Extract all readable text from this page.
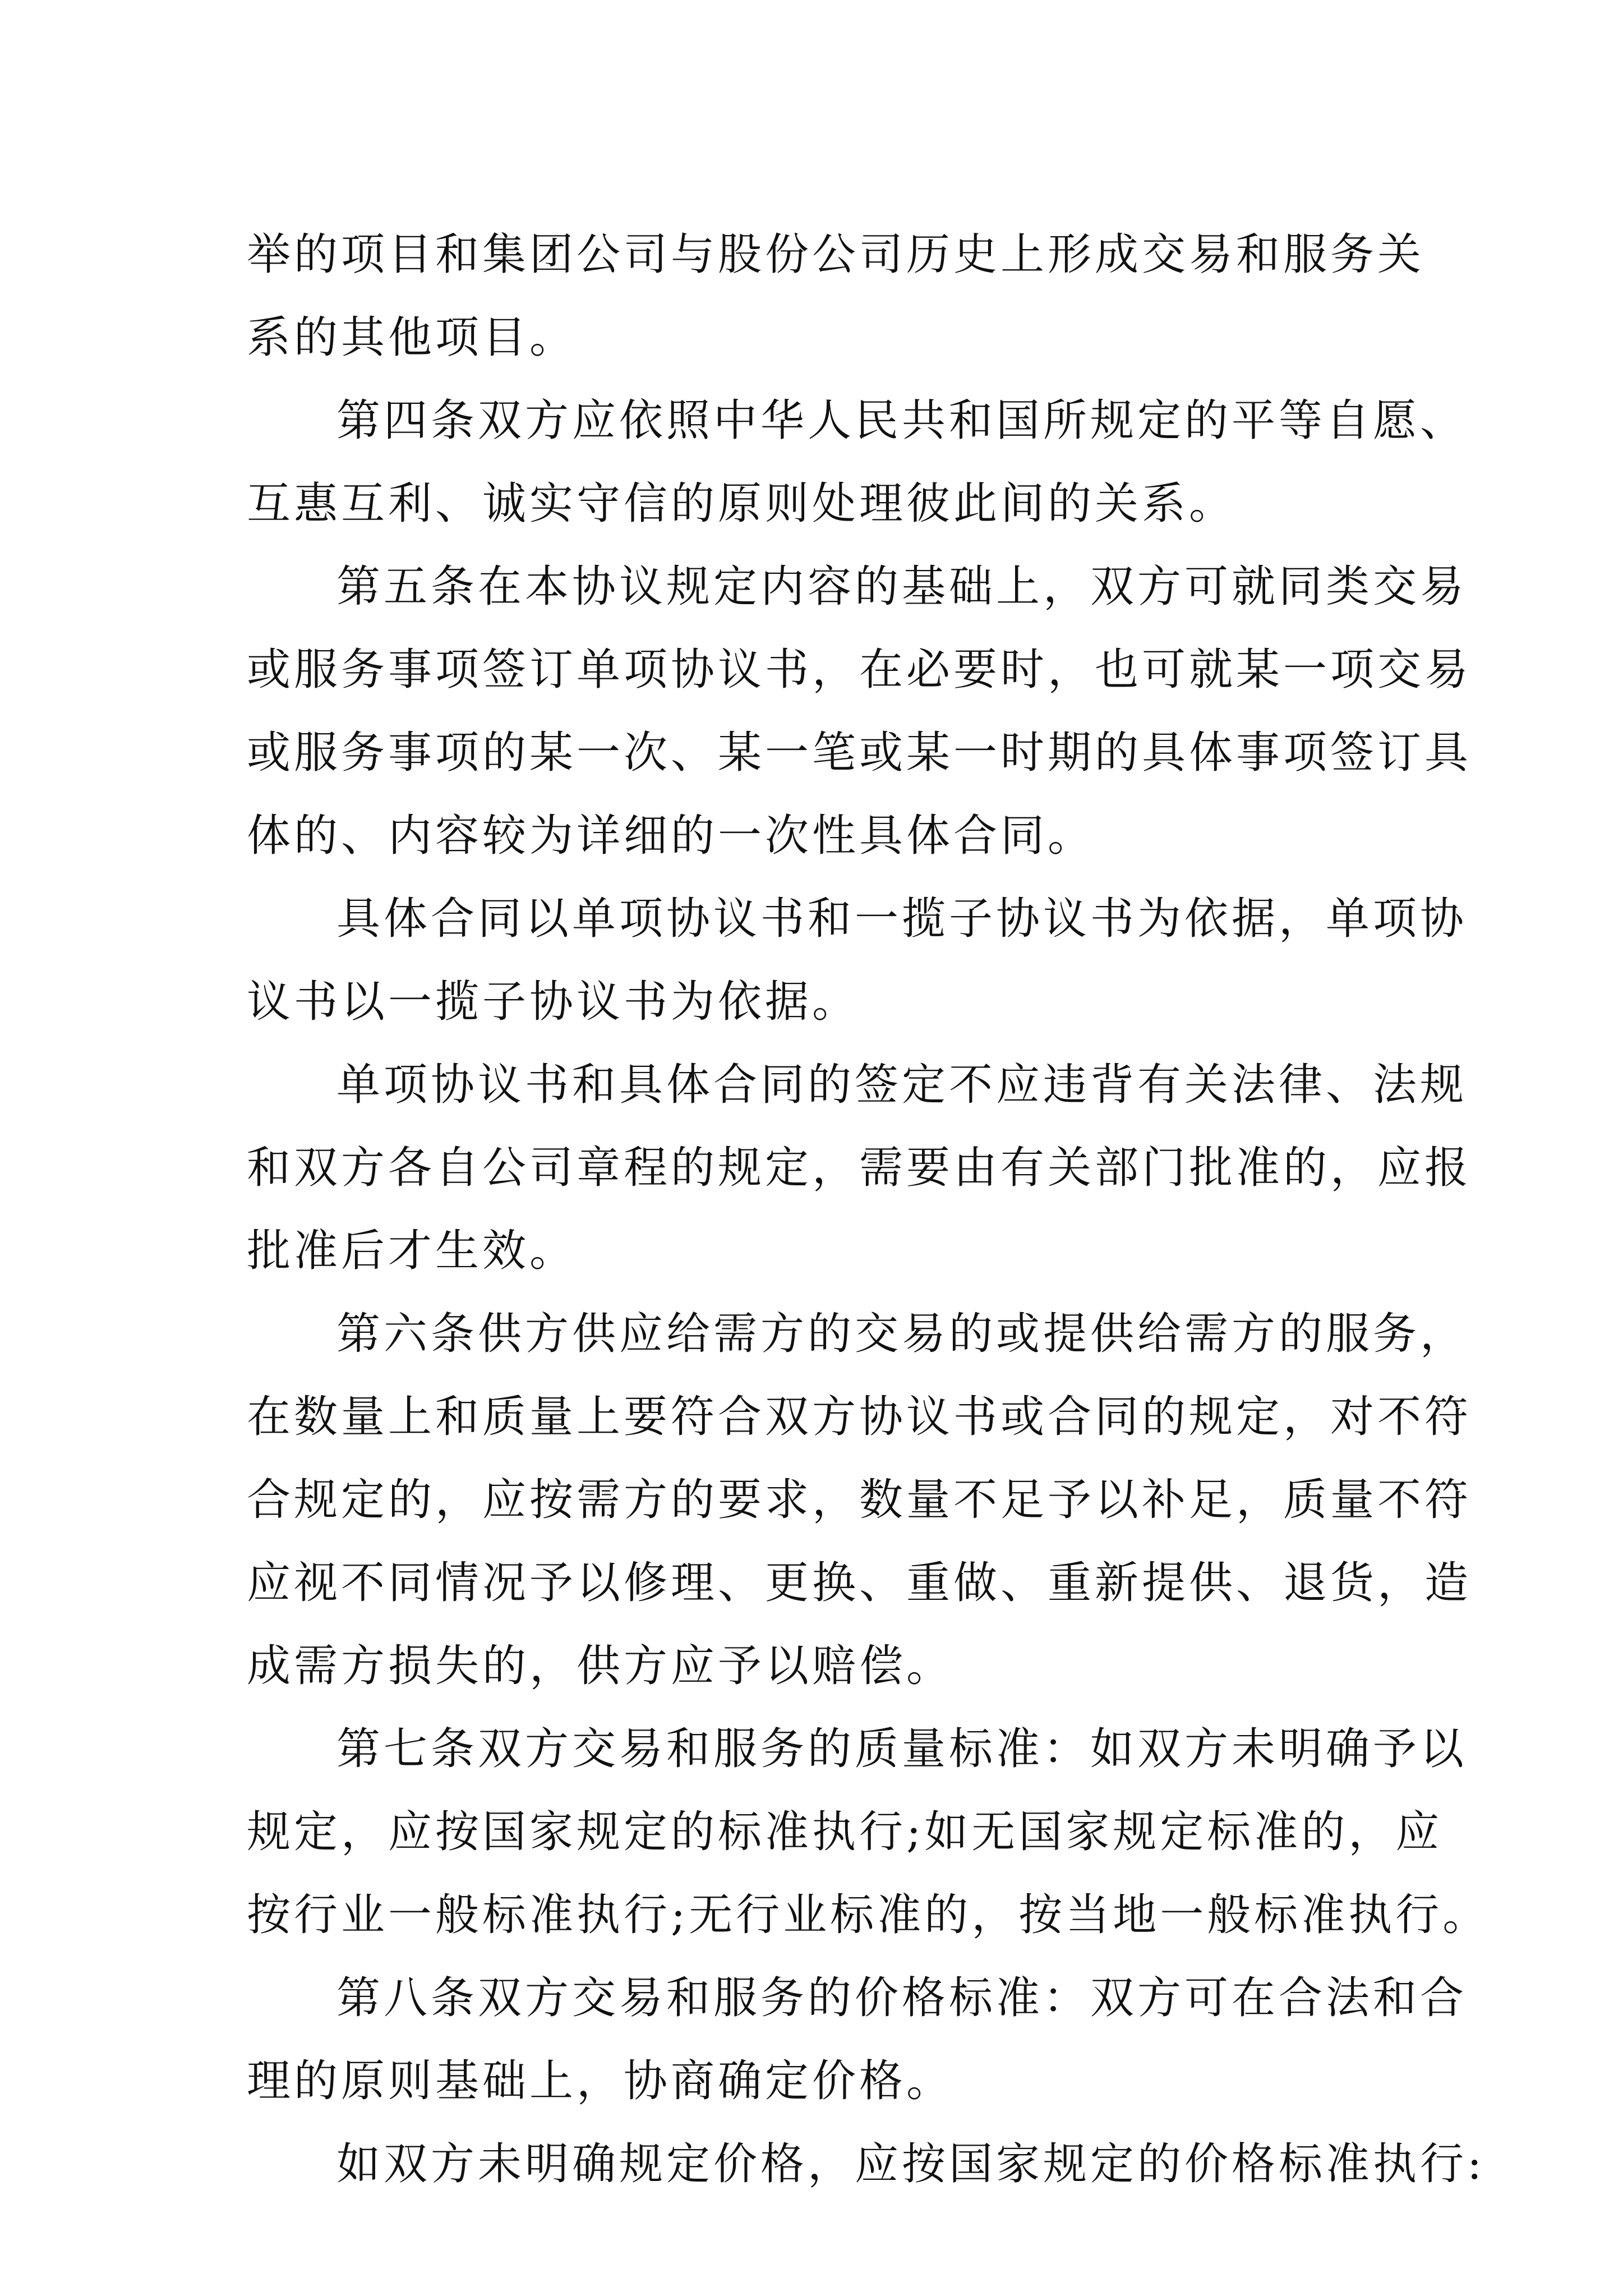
举的项目和集团公司与股份公司历史上形成交易和服务关
系的其他项目。
第四条双方应依照中华人民共和国所规定的平等自愿、
互惠互利、诚实守信的原则处理彼此间的关系。
第五条在本协议规定内容的基础上，双方可就同类交易
或服务事项签订单项协议书，在必要时，也可就某一项交易
或服务事项的某一次、某一笔或某一时期的具体事项签订具
体的、内容较为详细的一次性具体合同。
具体合同以单项协议书和一揽子协议书为依据，单项协
议书以一揽子协议书为依据。
单项协议书和具体合同的签定不应违背有关法律、法规
和双方各自公司章程的规定，需要由有关部门批准的，应报
批准后才生效。
第六条供方供应给需方的交易的或提供给需方的服务，
在数量上和质量上要符合双方协议书或合同的规定，对不符
合规定的，应按需方的要求，数量不足予以补足，质量不符
应视不同情况予以修理、更换、重做、重新提供、退货，造
成需方损失的，供方应予以赔偿。
第七条双方交易和服务的质量标准：如双方未明确予以
规定，应按国家规定的标准执行;如无国家规定标准的，应
按行业一般标准执行;无行业标准的，按当地一般标准执行。
第八条双方交易和服务的价格标准：双方可在合法和合
理的原则基础上，协商确定价格。
如双方未明确规定价格，应按国家规定的价格标准执行:
